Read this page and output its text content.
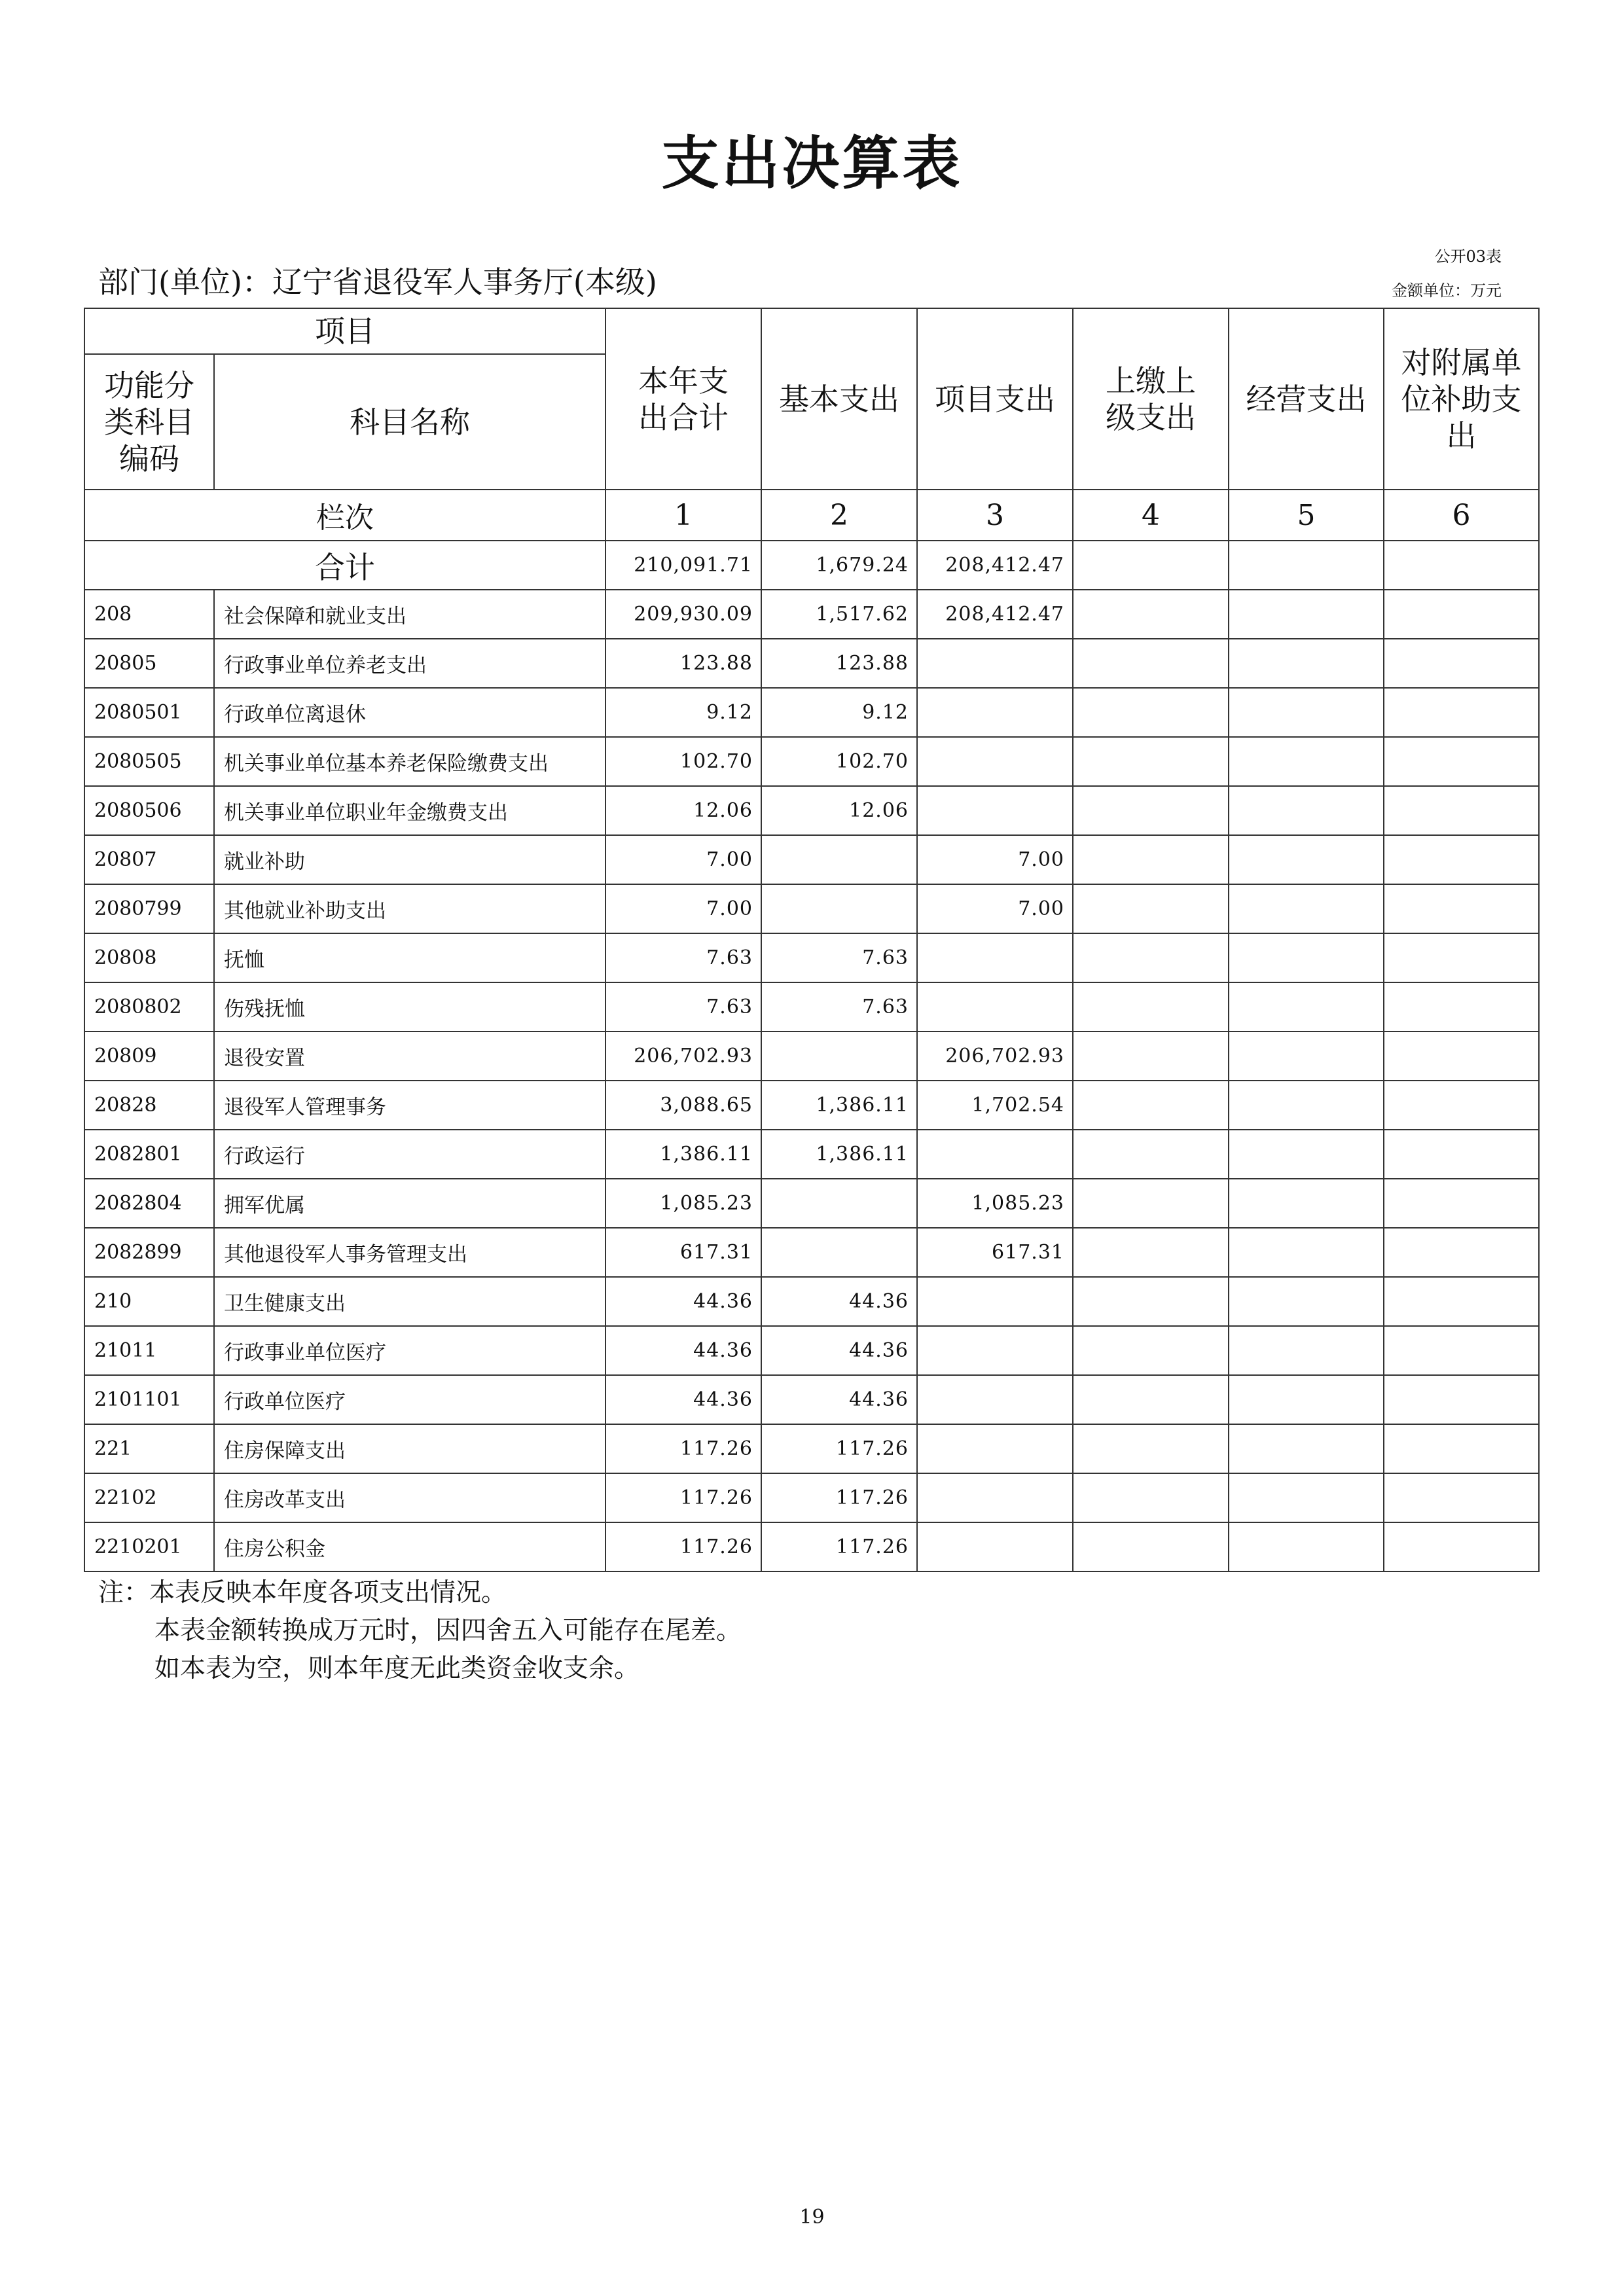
支出决算表
公开03表
金额单位：万元
部门(单位)：辽宁省退役军人事务厅(本级)
项目		本年支出合计	基本支出	项目支出	上缴上级支出	经营支出	对附属单位补助支出
功能分类科目编码	科目名称						
栏次		1	2	3	4	5	6
合计		210,091.71	1,679.24	208,412.47			
208	社会保障和就业支出	209,930.09	1,517.62	208,412.47			
20805	行政事业单位养老支出	123.88	123.88				
2080501	行政单位离退休	9.12	9.12				
2080505	机关事业单位基本养老保险缴费支出	102.70	102.70				
2080506	机关事业单位职业年金缴费支出	12.06	12.06				
20807	就业补助	7.00		7.00			
2080799	其他就业补助支出	7.00		7.00			
20808	抚恤	7.63	7.63				
2080802	伤残抚恤	7.63	7.63				
20809	退役安置	206,702.93		206,702.93			
20828	退役军人管理事务	3,088.65	1,386.11	1,702.54			
2082801	行政运行	1,386.11	1,386.11				
2082804	拥军优属	1,085.23		1,085.23			
2082899	其他退役军人事务管理支出	617.31		617.31			
210	卫生健康支出	44.36	44.36				
21011	行政事业单位医疗	44.36	44.36				
2101101	行政单位医疗	44.36	44.36				
221	住房保障支出	117.26	117.26				
22102	住房改革支出	117.26	117.26				
2210201	住房公积金	117.26	117.26				
注：本表反映本年度各项支出情况。
本表金额转换成万元时，因四舍五入可能存在尾差。
如本表为空，则本年度无此类资金收支余。
19
